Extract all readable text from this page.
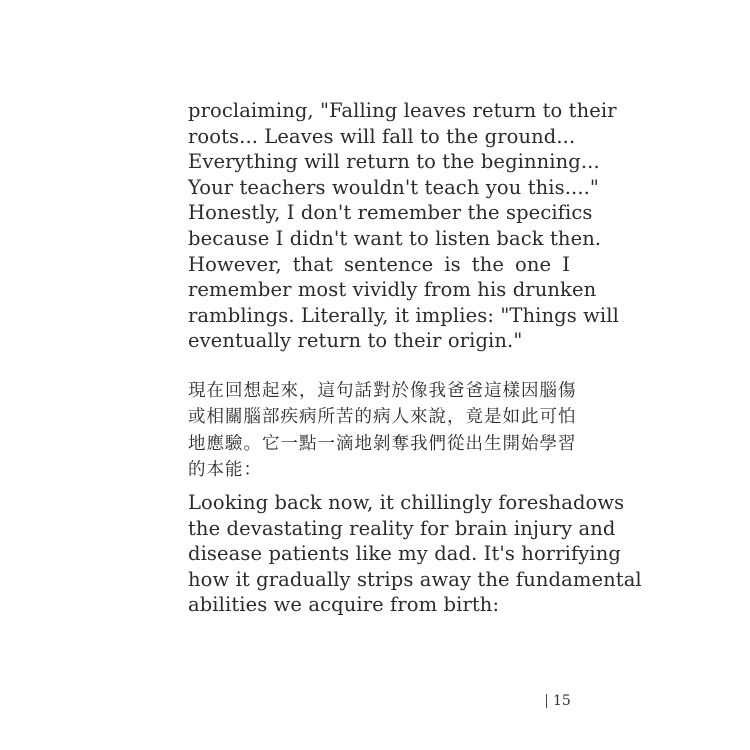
proclaiming, "Falling leaves return to their
roots... Leaves will fall to the ground...
Everything will return to the beginning...
Your teachers wouldn't teach you this...."
Honestly, I don't remember the specifics
because I didn't want to listen back then.
However, that sentence is the one I
remember most vividly from his drunken
ramblings. Literally, it implies: "Things will
eventually return to their origin."
現在回想起來，這句話對於像我爸爸這樣因腦傷
或相關腦部疾病所苦的病人來說，竟是如此可怕
地應驗。它一點一滴地剝奪我們從出生開始學習
的本能：
Looking back now, it chillingly foreshadows
the devastating reality for brain injury and
disease patients like my dad. It's horrifying
how it gradually strips away the fundamental
abilities we acquire from birth:
15
